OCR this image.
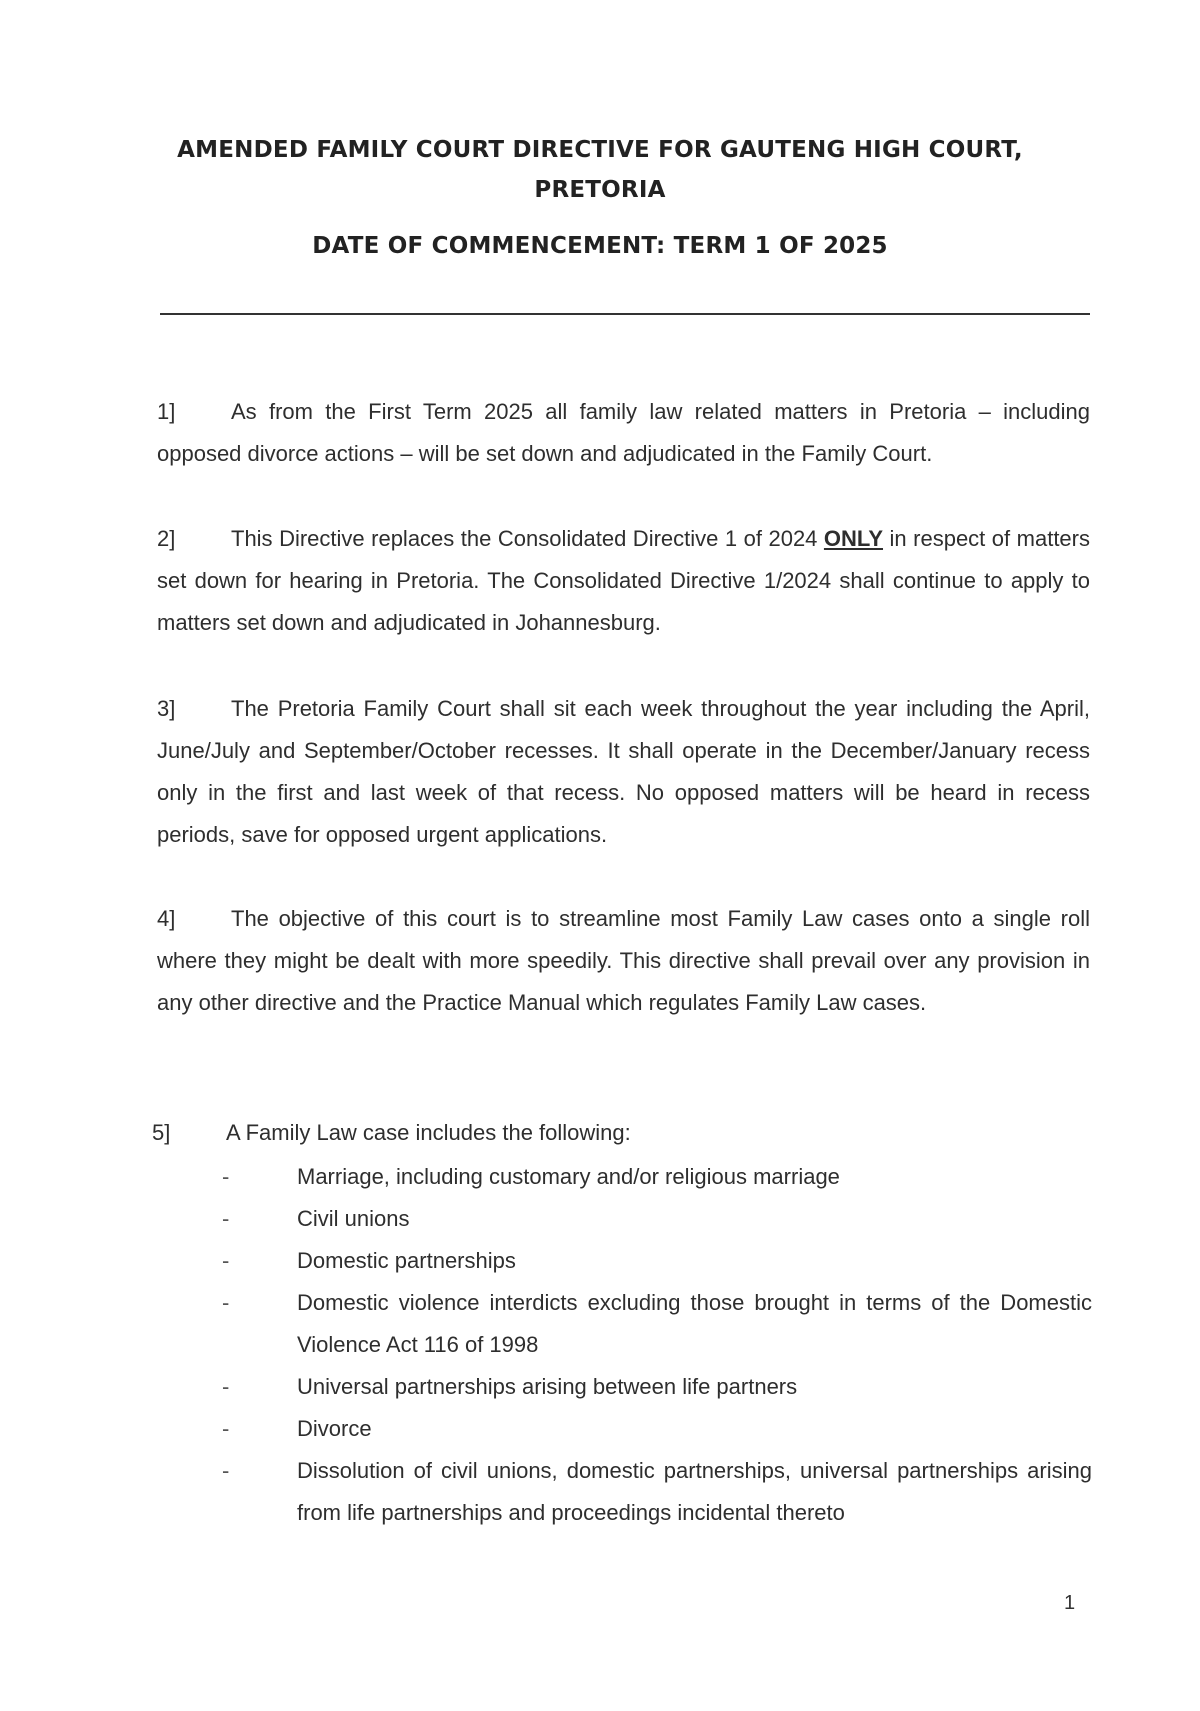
AMENDED FAMILY COURT DIRECTIVE FOR GAUTENG HIGH COURT,
PRETORIA
DATE OF COMMENCEMENT: TERM 1 OF 2025
1]	As from the First Term 2025 all family law related matters in Pretoria – including opposed divorce actions – will be set down and adjudicated in the Family Court.
2]	This Directive replaces the Consolidated Directive 1 of 2024 ONLY in respect of matters set down for hearing in Pretoria. The Consolidated Directive 1/2024 shall continue to apply to matters set down and adjudicated in Johannesburg.
3]	The Pretoria Family Court shall sit each week throughout the year including the April, June/July and September/October recesses. It shall operate in the December/January recess only in the first and last week of that recess. No opposed matters will be heard in recess periods, save for opposed urgent applications.
4]	The objective of this court is to streamline most Family Law cases onto a single roll where they might be dealt with more speedily. This directive shall prevail over any provision in any other directive and the Practice Manual which regulates Family Law cases.
5]	A Family Law case includes the following:
-	Marriage, including customary and/or religious marriage
-	Civil unions
-	Domestic partnerships
-	Domestic violence interdicts excluding those brought in terms of the Domestic Violence Act 116 of 1998
-	Universal partnerships arising between life partners
-	Divorce
-	Dissolution of civil unions, domestic partnerships, universal partnerships arising from life partnerships and proceedings incidental thereto
1
